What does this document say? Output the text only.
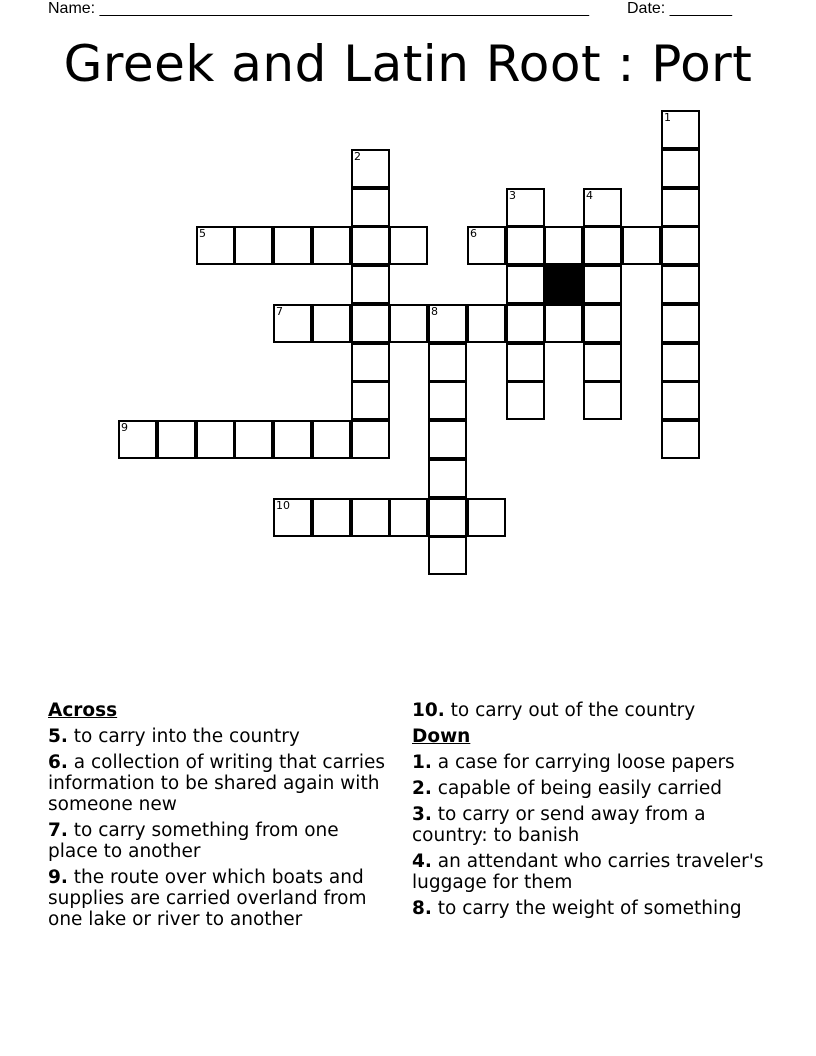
Name: _______________________________________________________ Date: _______
Greek and Latin Root : Port
1
2
3	4
5	6
7	8
9
10
Across
5. to carry into the country
6. a collection of writing that carries information to be shared again with someone new
7. to carry something from one place to another
9. the route over which boats and supplies are carried overland from one lake or river to another
10. to carry out of the country
Down
1. a case for carrying loose papers
2. capable of being easily carried
3. to carry or send away from a country: to banish
4. an attendant who carries traveler's luggage for them
8. to carry the weight of something
